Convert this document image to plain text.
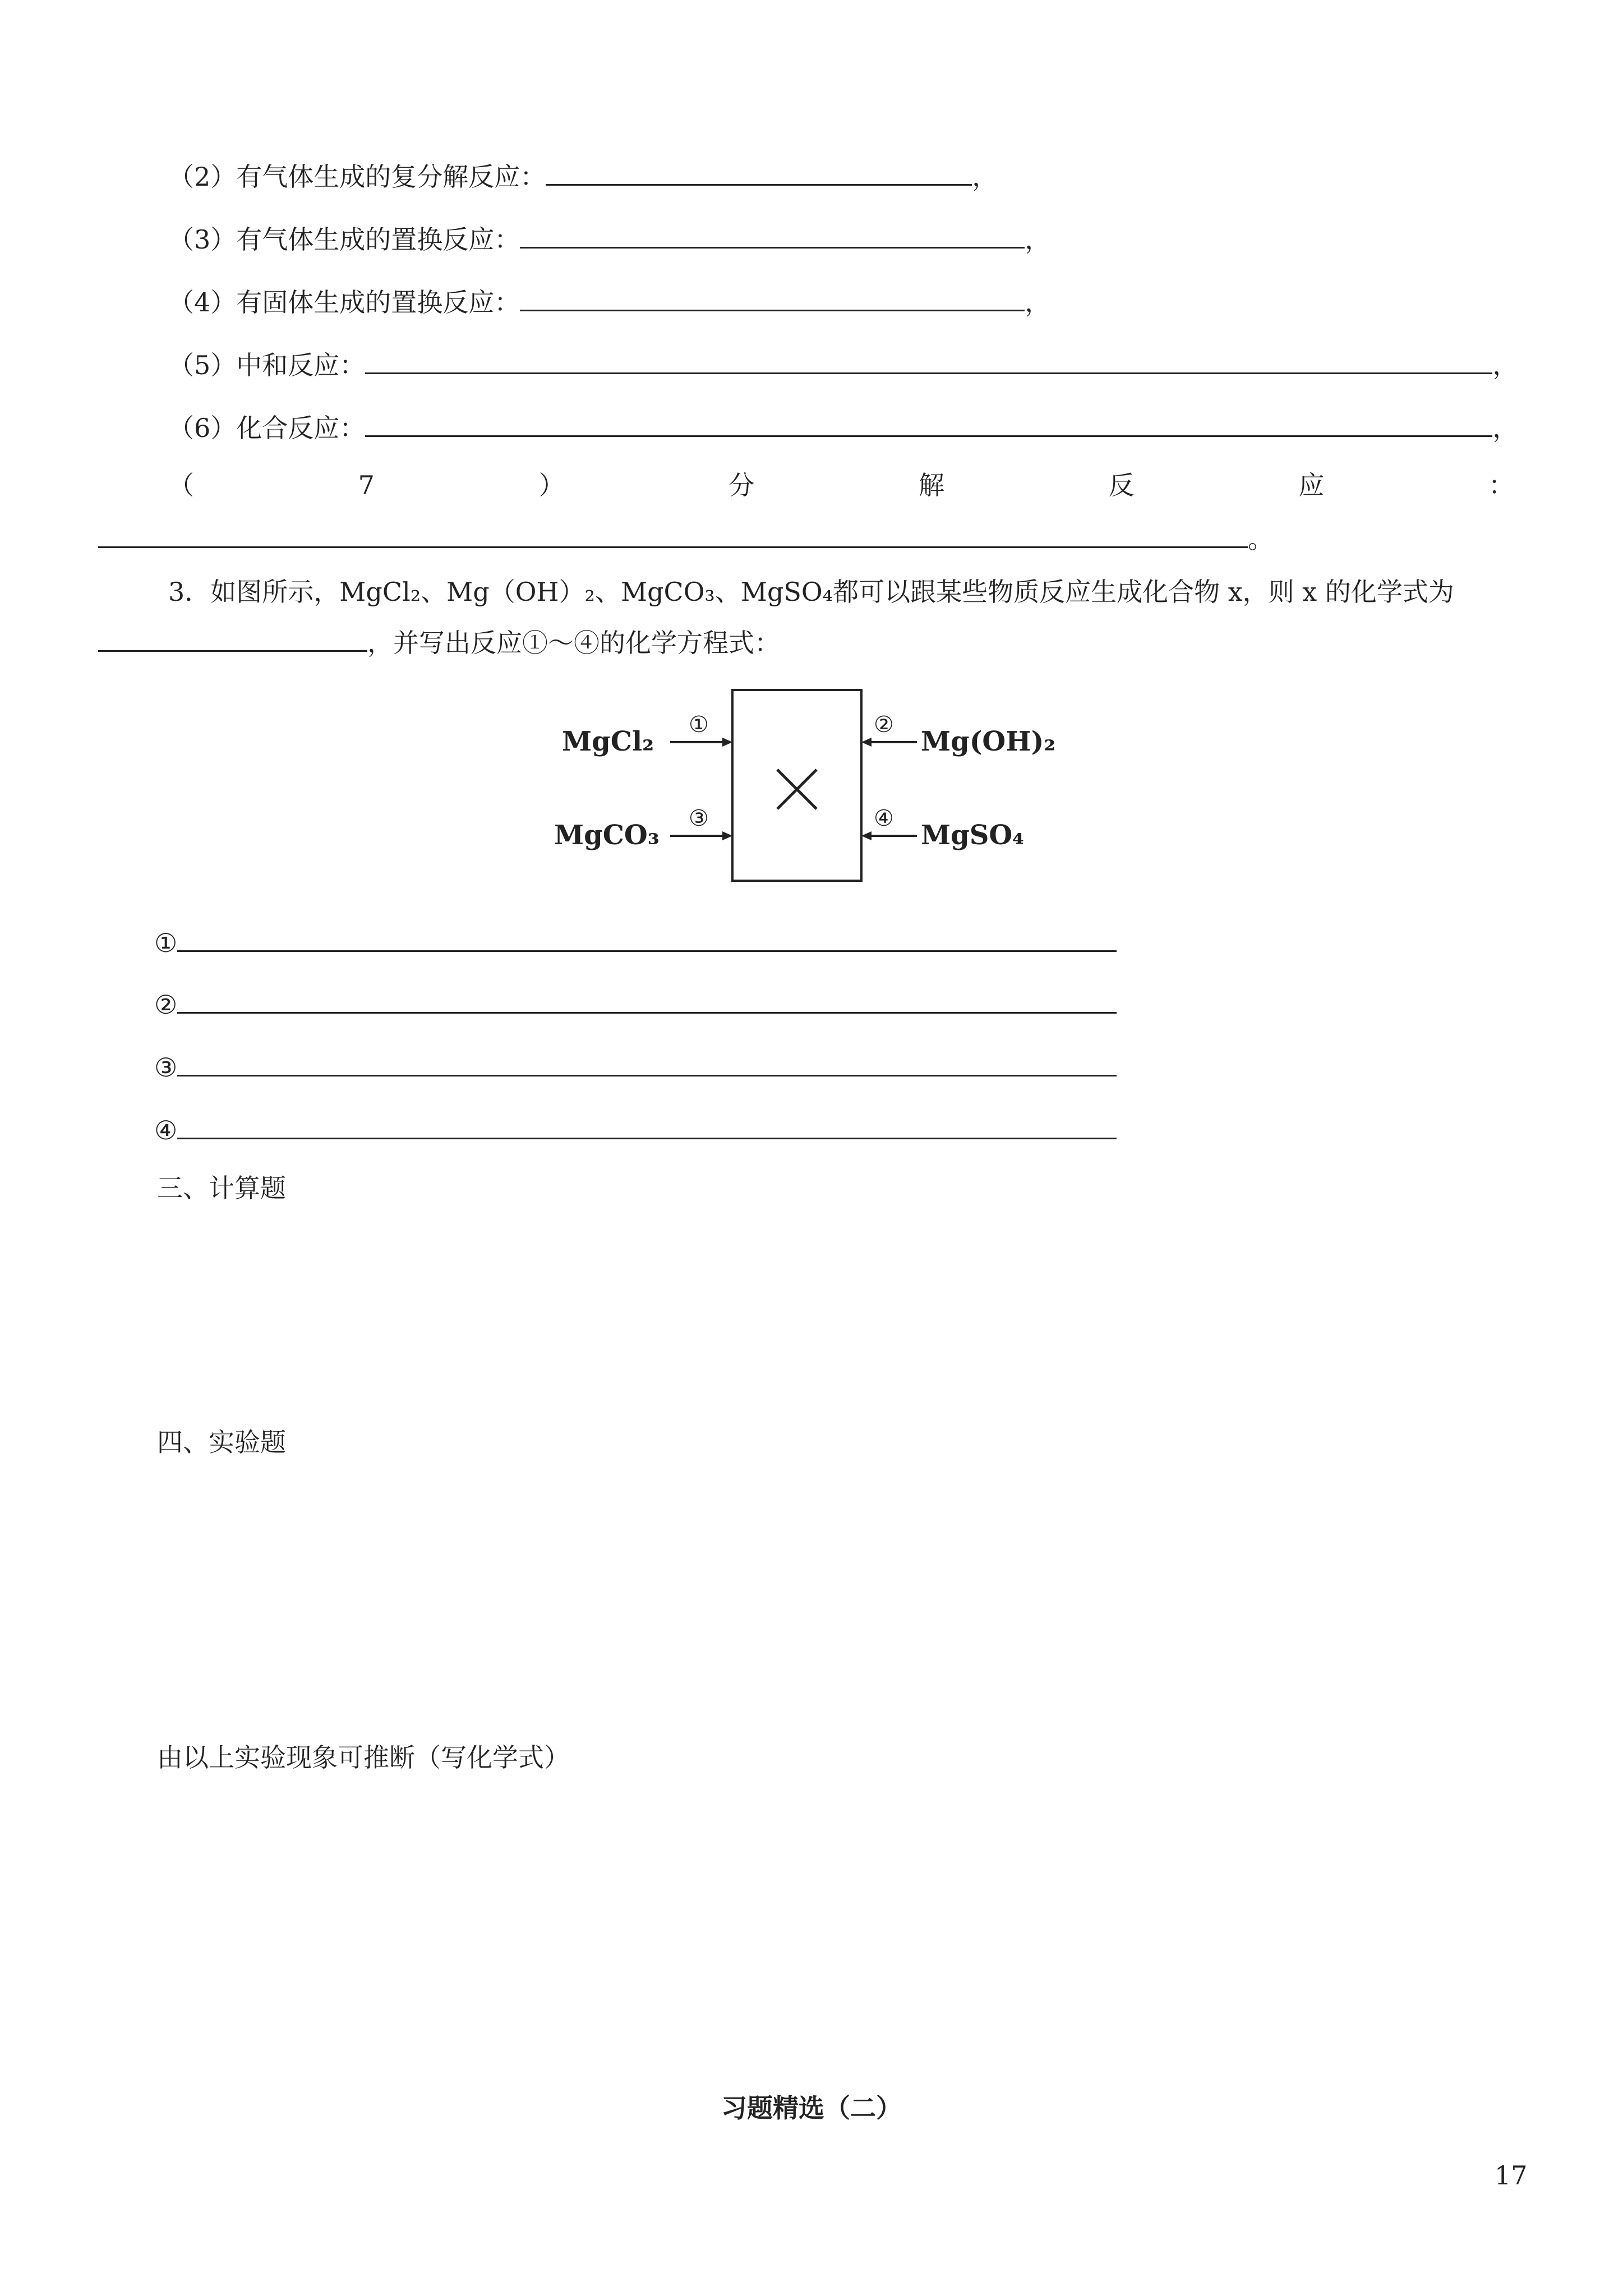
（2）有气体生成的复分解反应：	，
（3）有气体生成的置换反应：	，
（4）有固体生成的置换反应：	，
（5）中和反应：	，
（6）化合反应：	，
（	7	）	分	解	反	应	：
。
3．如图所示，MgCl₂、Mg（OH）₂、MgCO₃、MgSO₄都可以跟某些物质反应生成化合物 x，则 x 的化学式为
，并写出反应①～④的化学方程式：
X
MgCl₂
①
MgCO₃
③
Mg(OH)₂
②
MgSO₄
④
①
②
③
④
三、计算题
四、实验题
由以上实验现象可推断（写化学式）
习题精选（二）
17
